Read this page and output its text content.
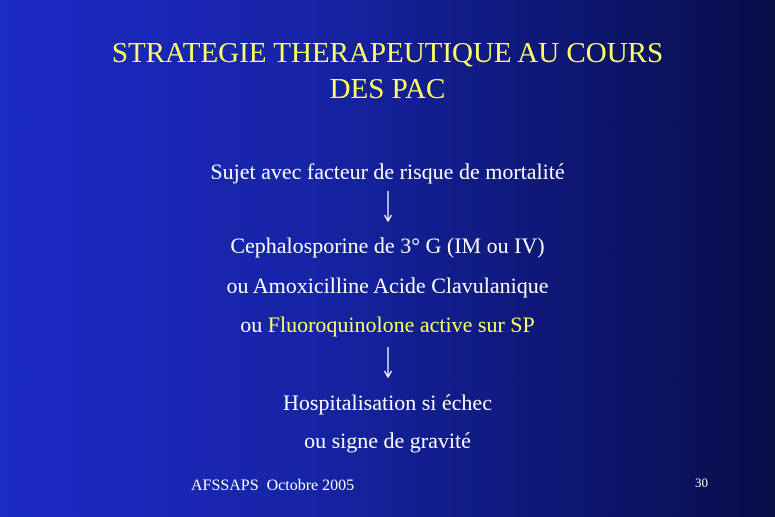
STRATEGIE THERAPEUTIQUE AU COURS
DES PAC
Sujet avec facteur de risque de mortalité
Cephalosporine de 3° G (IM ou IV)
ou Amoxicilline Acide Clavulanique
ou Fluoroquinolone active sur SP
Hospitalisation si échec
ou signe de gravité
AFSSAPS  Octobre 2005	30
